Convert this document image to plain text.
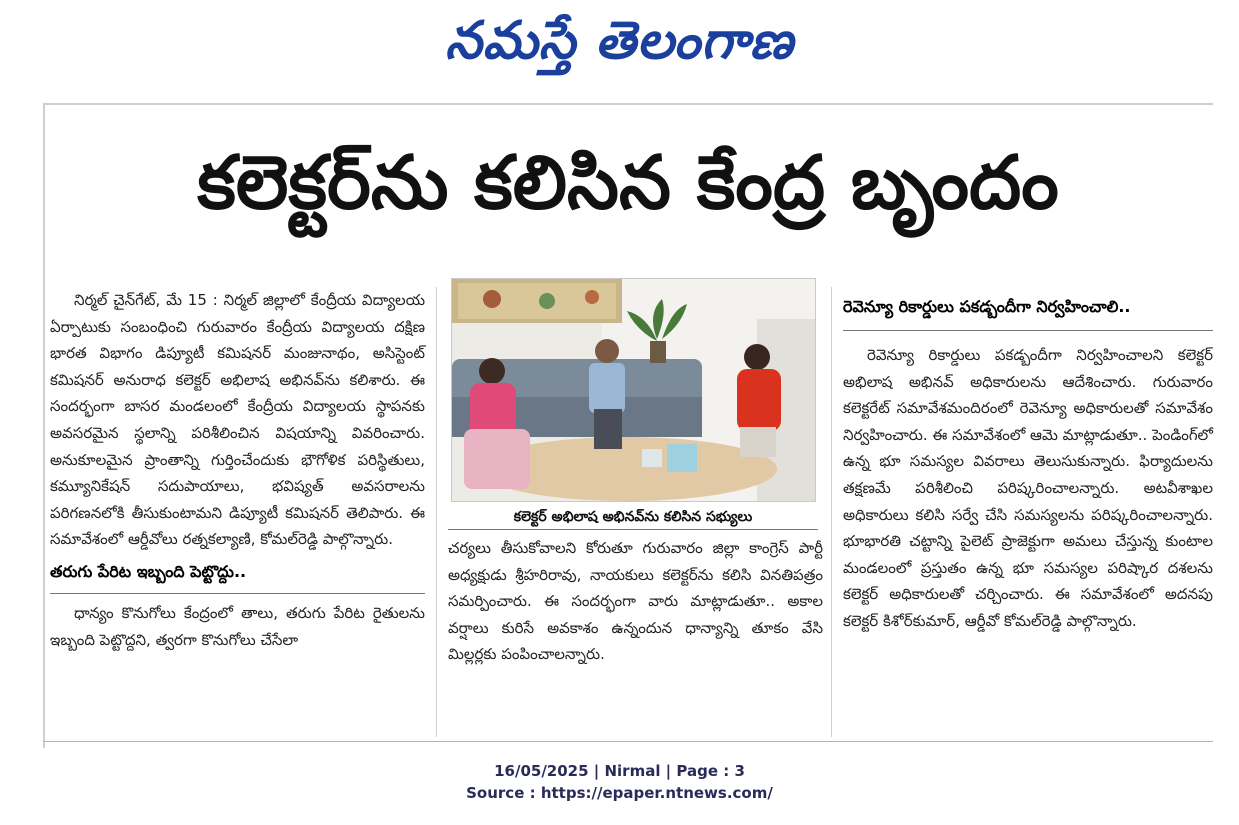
నమస్తే తెలంగాణ
కలెక్టర్‌ను కలిసిన కేంద్ర బృందం

నిర్మల్ చైన్‌గేట్, మే 15 : నిర్మల్ జిల్లాలో కేంద్రీయ విద్యాలయ ఏర్పాటుకు సంబంధించి గురువారం కేంద్రీయ విద్యాలయ దక్షిణ భారత విభాగం డిప్యూటీ కమిషనర్ మంజునాథం, అసిస్టెంట్ కమిషనర్ అనురాధ కలెక్టర్ అభిలాష అభినవ్‌ను కలిశారు. ఈ సందర్భంగా బాసర మండలంలో కేంద్రీయ విద్యాలయ స్థాపనకు అవసరమైన స్థలాన్ని పరిశీలించిన విషయాన్ని వివరించారు. అనుకూలమైన ప్రాంతాన్ని గుర్తించేందుకు భౌగోళిక పరిస్థితులు, కమ్యూనికేషన్ సదుపాయాలు, భవిష్యత్ అవసరాలను పరిగణనలోకి తీసుకుంటామని డిప్యూటీ కమిషనర్ తెలిపారు. ఈ సమావేశంలో ఆర్డీవోలు రత్నకల్యాణి, కోమల్‌రెడ్డి పాల్గొన్నారు.

తరుగు పేరిట ఇబ్బంది పెట్టొద్దు..

ధాన్యం కొనుగోలు కేంద్రంలో తాలు, తరుగు పేరిట రైతులను ఇబ్బంది పెట్టొద్దని, త్వరగా కొనుగోలు చేసేలా

కలెక్టర్ అభిలాష అభినవ్‌ను కలిసిన సభ్యులు

చర్యలు తీసుకోవాలని కోరుతూ గురువారం జిల్లా కాంగ్రెస్ పార్టీ అధ్యక్షుడు శ్రీహరిరావు, నాయకులు కలెక్టర్‌ను కలిసి వినతిపత్రం సమర్పించారు. ఈ సందర్భంగా వారు మాట్లాడుతూ.. అకాల వర్షాలు కురిసే అవకాశం ఉన్నందున ధాన్యాన్ని తూకం వేసి మిల్లర్లకు పంపించాలన్నారు.

రెవెన్యూ రికార్డులు పకడ్బందీగా నిర్వహించాలి..

రెవెన్యూ రికార్డులు పకడ్బందీగా నిర్వహించాలని కలెక్టర్ అభిలాష అభినవ్ అధికారులను ఆదేశించారు. గురువారం కలెక్టరేట్ సమావేశమందిరంలో రెవెన్యూ అధికారులతో సమావేశం నిర్వహించారు. ఈ సమావేశంలో ఆమె మాట్లాడుతూ.. పెండింగ్‌లో ఉన్న భూ సమస్యల వివరాలు తెలుసుకున్నారు. ఫిర్యాదులను తక్షణమే పరిశీలించి పరిష్కరించాలన్నారు. అటవీశాఖల అధికారులు కలిసి సర్వే చేసి సమస్యలను పరిష్కరించాలన్నారు. భూభారతి చట్టాన్ని పైలెట్ ప్రాజెక్టుగా అమలు చేస్తున్న కుంటాల మండలంలో ప్రస్తుతం ఉన్న భూ సమస్యల పరిష్కార దశలను కలెక్టర్ అధికారులతో చర్చించారు. ఈ సమావేశంలో అదనపు కలెక్టర్ కిశోర్‌కుమార్, ఆర్డీవో కోమల్‌రెడ్డి పాల్గొన్నారు.

16/05/2025 | Nirmal | Page : 3
Source : https://epaper.ntnews.com/
